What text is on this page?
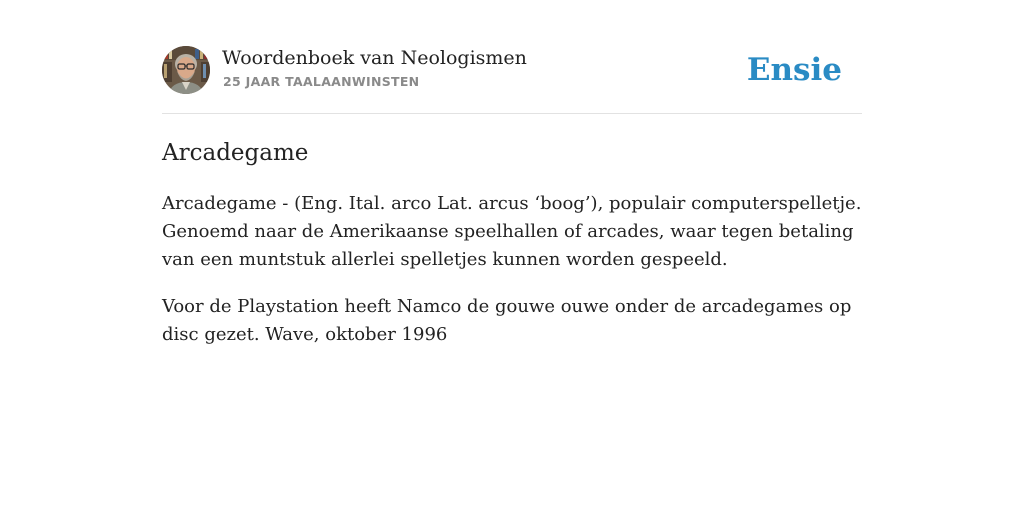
Woordenboek van Neologismen
25 JAAR TAALAANWINSTEN	Ensie
Arcadegame

Arcadegame - (Eng. Ital. arco Lat. arcus ‘boog’), populair computerspelletje. Genoemd naar de Amerikaanse speelhallen of arcades, waar tegen betaling van een muntstuk allerlei spelletjes kunnen worden gespeeld.

Voor de Playstation heeft Namco de gouwe ouwe onder de arcadegames op disc gezet. Wave, oktober 1996
